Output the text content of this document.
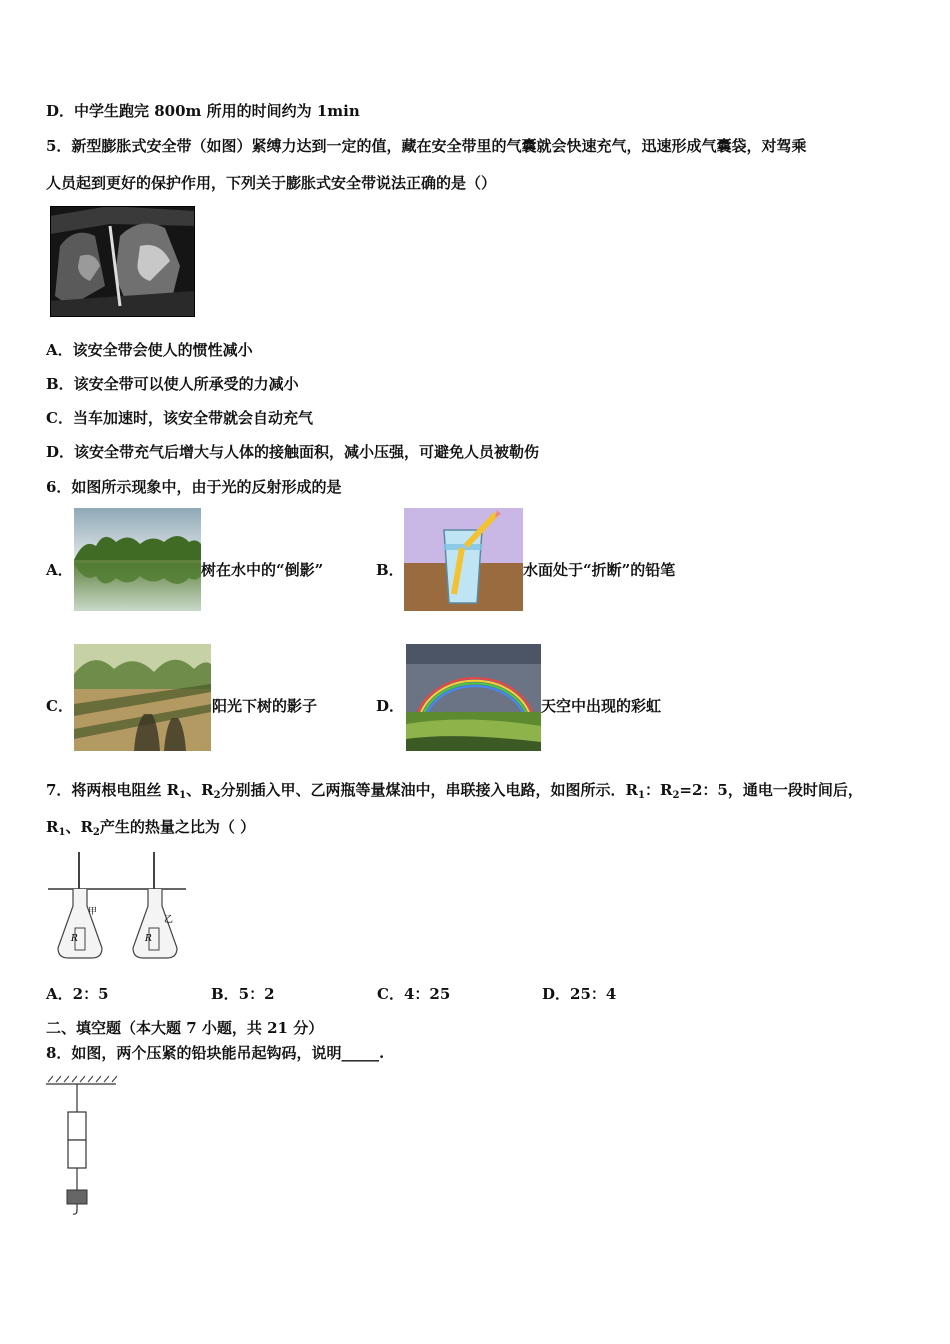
D．中学生跑完 800m 所用的时间约为 1min
5．新型膨胀式安全带（如图）紧缚力达到一定的值，藏在安全带里的气囊就会快速充气，迅速形成气囊袋，对驾乘
人员起到更好的保护作用，下列关于膨胀式安全带说法正确的是（）
A．该安全带会使人的惯性减小
B．该安全带可以使人所承受的力减小
C．当车加速时，该安全带就会自动充气
D．该安全带充气后增大与人体的接触面积，减小压强，可避免人员被勒伤
6．如图所示现象中，由于光的反射形成的是
A．	树在水中的“倒影”	B．	水面处于“折断”的铅笔
C．	阳光下树的影子	D．	天空中出现的彩虹
7．将两根电阻丝 $R_1$、$R_2$分别插入甲、乙两瓶等量煤油中，串联接入电路，如图所示．$R_1$：$R_2=2$：5，通电一段时间后，
$R_1$、$R_2$产生的热量之比为（ ）
R
甲
R
乙
A．2：5	B．5：2	C．4：25	D．25：4
二、填空题（本大题 7 小题，共 21 分）
8．如图，两个压紧的铅块能吊起钩码，说明_____.
